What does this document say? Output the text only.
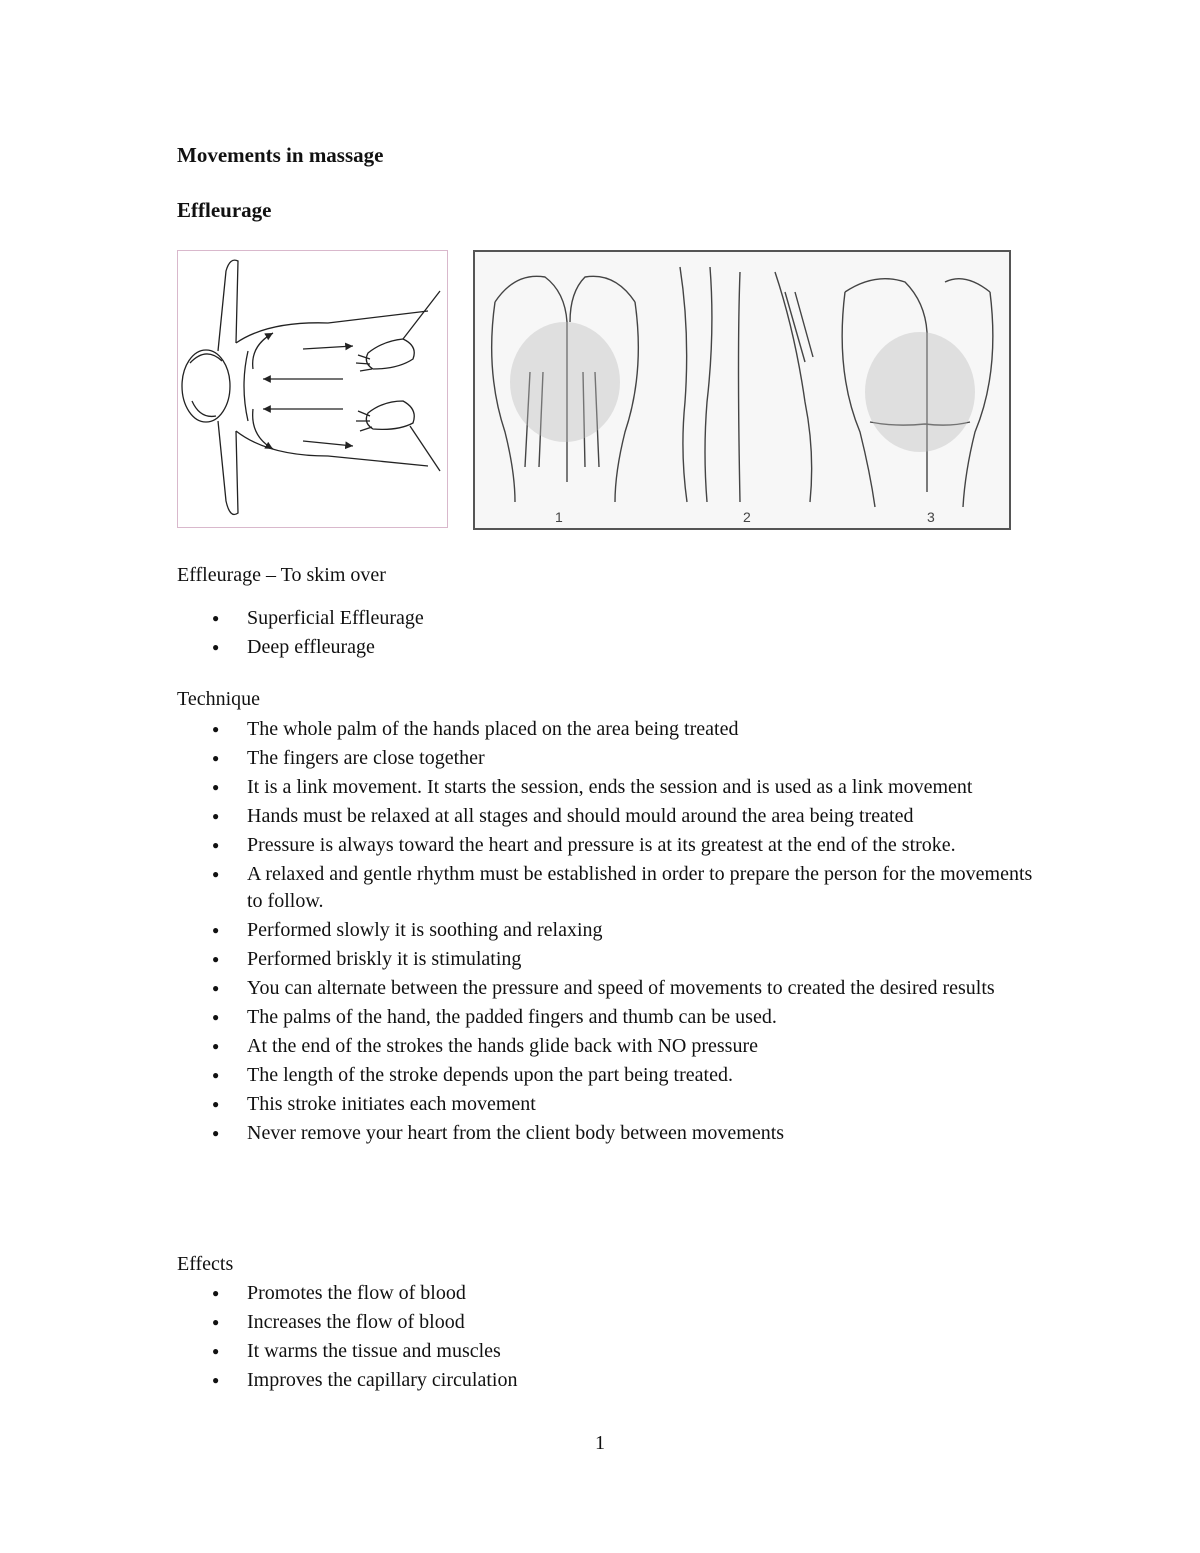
Movements in massage
Effleurage
1	2	3
Effleurage – To skim over
● Superficial Effleurage
● Deep effleurage
Technique
● The whole palm of the hands placed on the area being treated
● The fingers are close together
● It is a link movement. It starts the session, ends the session and is used as a link movement
● Hands must be relaxed at all stages and should mould around the area being treated
● Pressure is always toward the heart and pressure is at its greatest at the end of the stroke.
● A relaxed and gentle rhythm must be established in order to prepare the person for the movements to follow.
● Performed slowly it is soothing and relaxing
● Performed briskly it is stimulating
● You can alternate between the pressure and speed of movements to created the desired results
● The palms of the hand, the padded fingers and thumb can be used.
● At the end of the strokes the hands glide back with NO pressure
● The length of the stroke depends upon the part being treated.
● This stroke initiates each movement
● Never remove your heart from the client body between movements
Effects
● Promotes the flow of blood
● Increases the flow of blood
● It warms the tissue and muscles
● Improves the capillary circulation
1
